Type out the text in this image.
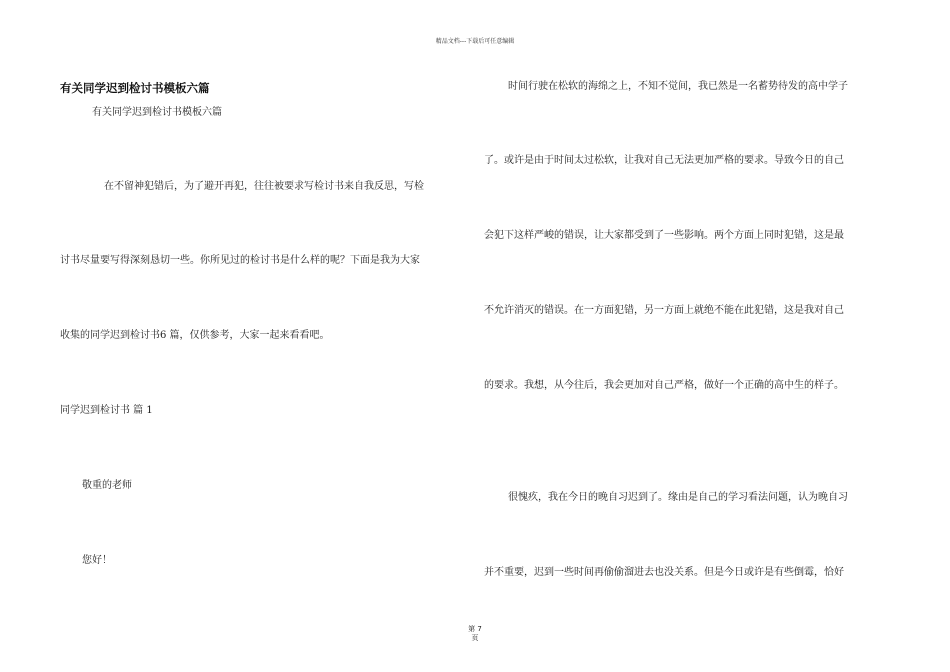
精品文档---下载后可任意编辑
有关同学迟到检讨书模板六篇
有关同学迟到检讨书模板六篇
在不留神犯错后，为了避开再犯，往往被要求写检讨书来自我反思，写检
讨书尽量要写得深刻恳切一些。你所见过的检讨书是什么样的呢？下面是我为大家
收集的同学迟到检讨书6 篇，仅供参考，大家一起来看看吧。
同学迟到检讨书 篇 1
敬重的老师
您好！
时间行驶在松软的海绵之上，不知不觉间，我已然是一名蓄势待发的高中学子
了。或许是由于时间太过松软，让我对自己无法更加严格的要求。导致今日的自己
会犯下这样严峻的错误，让大家都受到了一些影响。两个方面上同时犯错，这是最
不允许消灭的错误。在一方面犯错，另一方面上就绝不能在此犯错，这是我对自己
的要求。我想，从今往后，我会更加对自己严格，做好一个正确的高中生的样子。
很愧疚，我在今日的晚自习迟到了。缘由是自己的学习看法问题，认为晚自习
并不重要，迟到一些时间再偷偷溜进去也没关系。但是今日或许是有些倒霉，恰好
第 7
页
